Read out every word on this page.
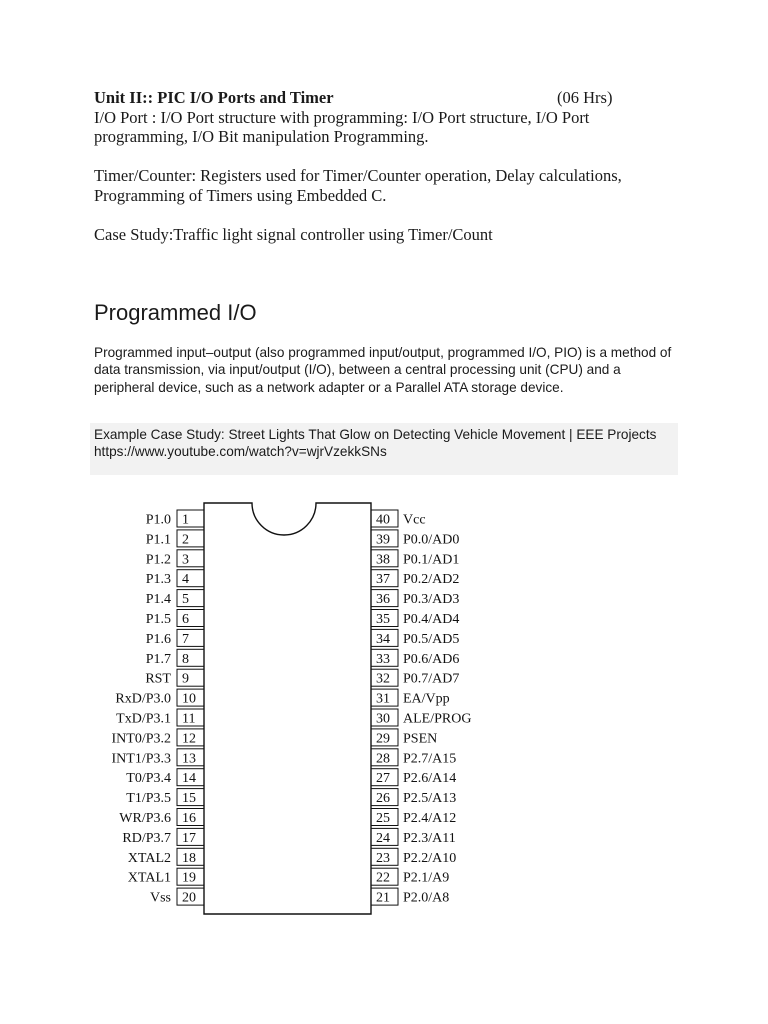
Unit II:: PIC I/O Ports and Timer	(06 Hrs)

I/O Port : I/O Port structure with programming: I/O Port structure, I/O Port

programming, I/O Bit manipulation Programming.

Timer/Counter: Registers used for Timer/Counter operation, Delay calculations,

Programming of Timers using Embedded C.

Case Study:Traffic light signal controller using Timer/Count

Programmed I/O

Programmed input–output (also programmed input/output, programmed I/O, PIO) is a method of data transmission, via input/output (I/O), between a central processing unit (CPU) and a peripheral device, such as a network adapter or a Parallel ATA storage device.

Example Case Study: Street Lights That Glow on Detecting Vehicle Movement | EEE Projects
https://www.youtube.com/watch?v=wjrVzekkSNs

1
P1.0
2
P1.1
3
P1.2
4
P1.3
5
P1.4
6
P1.5
7
P1.6
8
P1.7
9
RST
10
RxD/P3.0
11
TxD/P3.1
12
INT0/P3.2
13
INT1/P3.3
14
T0/P3.4
15
T1/P3.5
16
WR/P3.6
17
RD/P3.7
18
XTAL2
19
XTAL1
20
Vss
40 Vcc
39 P0.0/AD0
38 P0.1/AD1
37 P0.2/AD2
36 P0.3/AD3
35 P0.4/AD4
34 P0.5/AD5
33 P0.6/AD6
32 P0.7/AD7
31 EA/Vpp
30 ALE/PROG
29 PSEN
28 P2.7/A15
27 P2.6/A14
26 P2.5/A13
25 P2.4/A12
24 P2.3/A11
23 P2.2/A10
22 P2.1/A9
21 P2.0/A8
